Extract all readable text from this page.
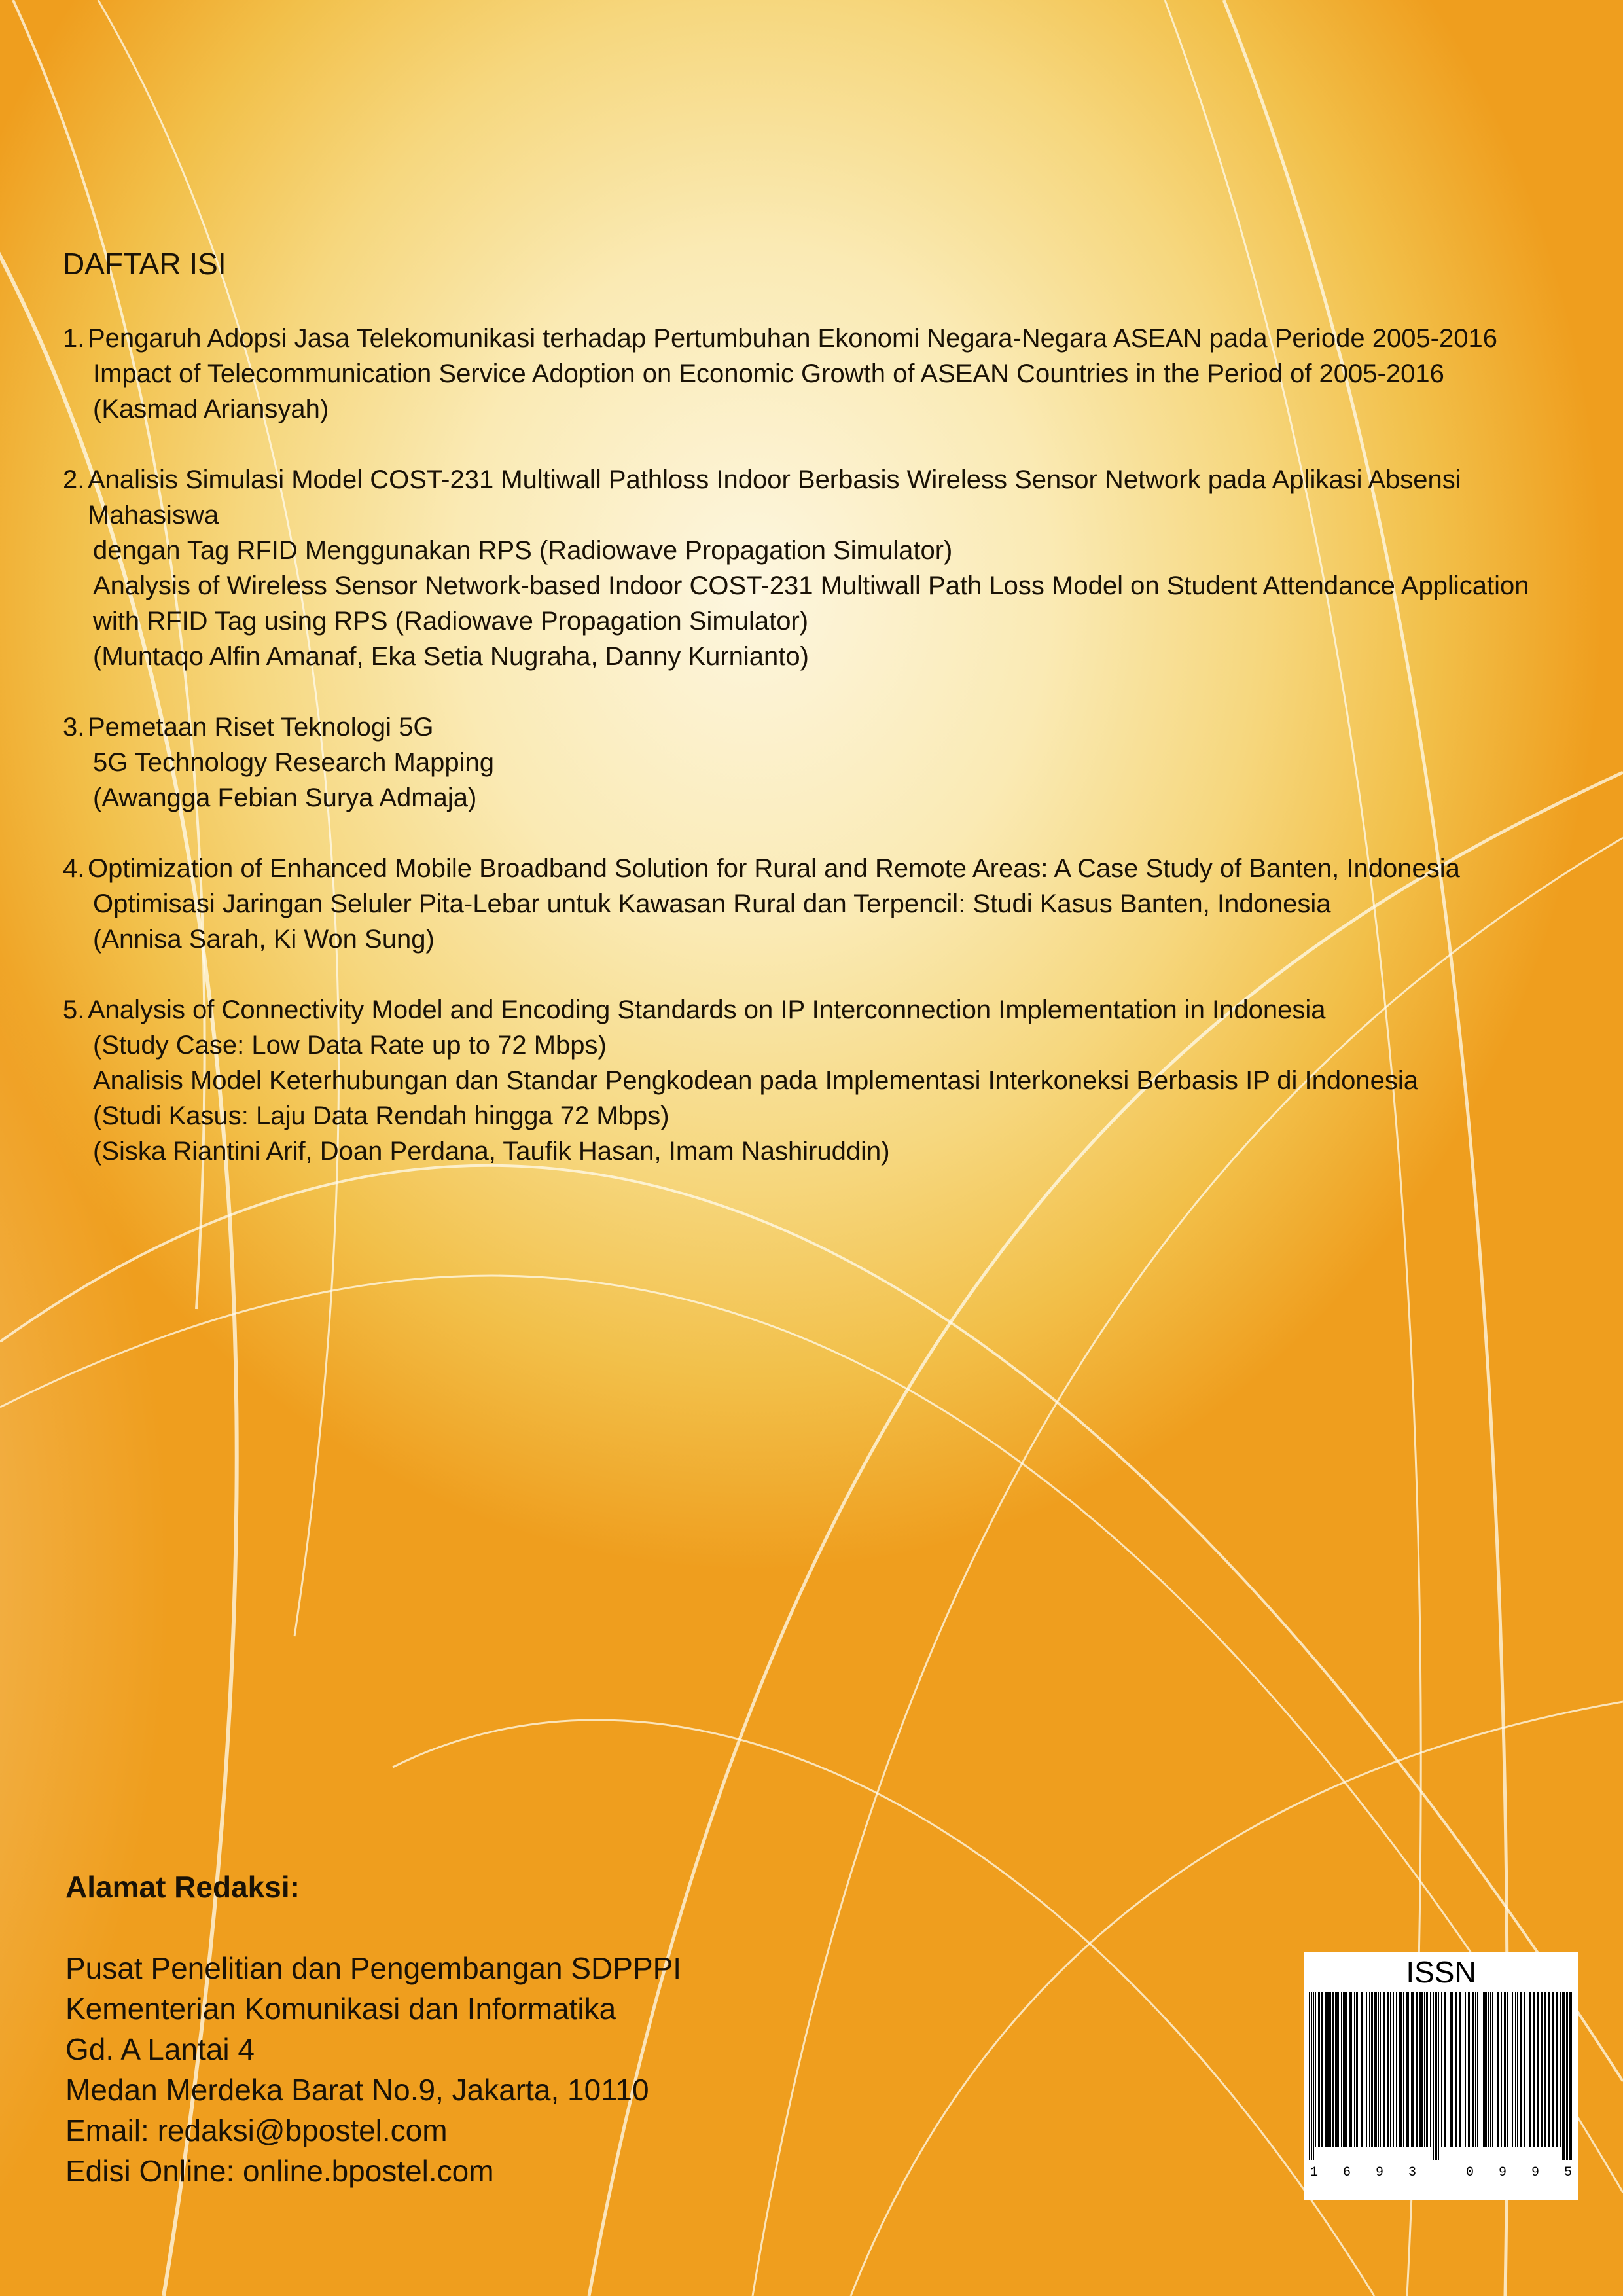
DAFTAR ISI
1. Pengaruh Adopsi Jasa Telekomunikasi terhadap Pertumbuhan Ekonomi Negara-Negara ASEAN pada Periode 2005-2016
Impact of Telecommunication Service Adoption on Economic Growth of ASEAN Countries in the Period of 2005-2016
(Kasmad Ariansyah)
2. Analisis Simulasi Model COST-231 Multiwall Pathloss Indoor Berbasis Wireless Sensor Network pada Aplikasi Absensi Mahasiswa
dengan Tag RFID Menggunakan RPS (Radiowave Propagation Simulator)
Analysis of Wireless Sensor Network-based Indoor COST-231 Multiwall Path Loss Model on Student Attendance Application
with RFID Tag using RPS (Radiowave Propagation Simulator)
(Muntaqo Alfin Amanaf, Eka Setia Nugraha, Danny Kurnianto)
3. Pemetaan Riset Teknologi 5G
5G Technology Research Mapping
(Awangga Febian Surya Admaja)
4. Optimization of Enhanced Mobile Broadband Solution for Rural and Remote Areas: A Case Study of Banten, Indonesia
Optimisasi Jaringan Seluler Pita-Lebar untuk Kawasan Rural dan Terpencil: Studi Kasus Banten, Indonesia
(Annisa Sarah, Ki Won Sung)
5. Analysis of Connectivity Model and Encoding Standards on IP Interconnection Implementation in Indonesia
(Study Case: Low Data Rate up to 72 Mbps)
Analisis Model Keterhubungan dan Standar Pengkodean pada Implementasi Interkoneksi Berbasis IP di Indonesia
(Studi Kasus: Laju Data Rendah hingga 72 Mbps)
(Siska Riantini Arif, Doan Perdana, Taufik Hasan, Imam Nashiruddin)
Alamat Redaksi:
Pusat Penelitian dan Pengembangan SDPPPI
Kementerian Komunikasi dan Informatika
Gd. A Lantai 4
Medan Merdeka Barat No.9, Jakarta, 10110
Email: redaksi@bpostel.com
Edisi Online: online.bpostel.com
ISSN
1 6 9 3	0 9 9 5
